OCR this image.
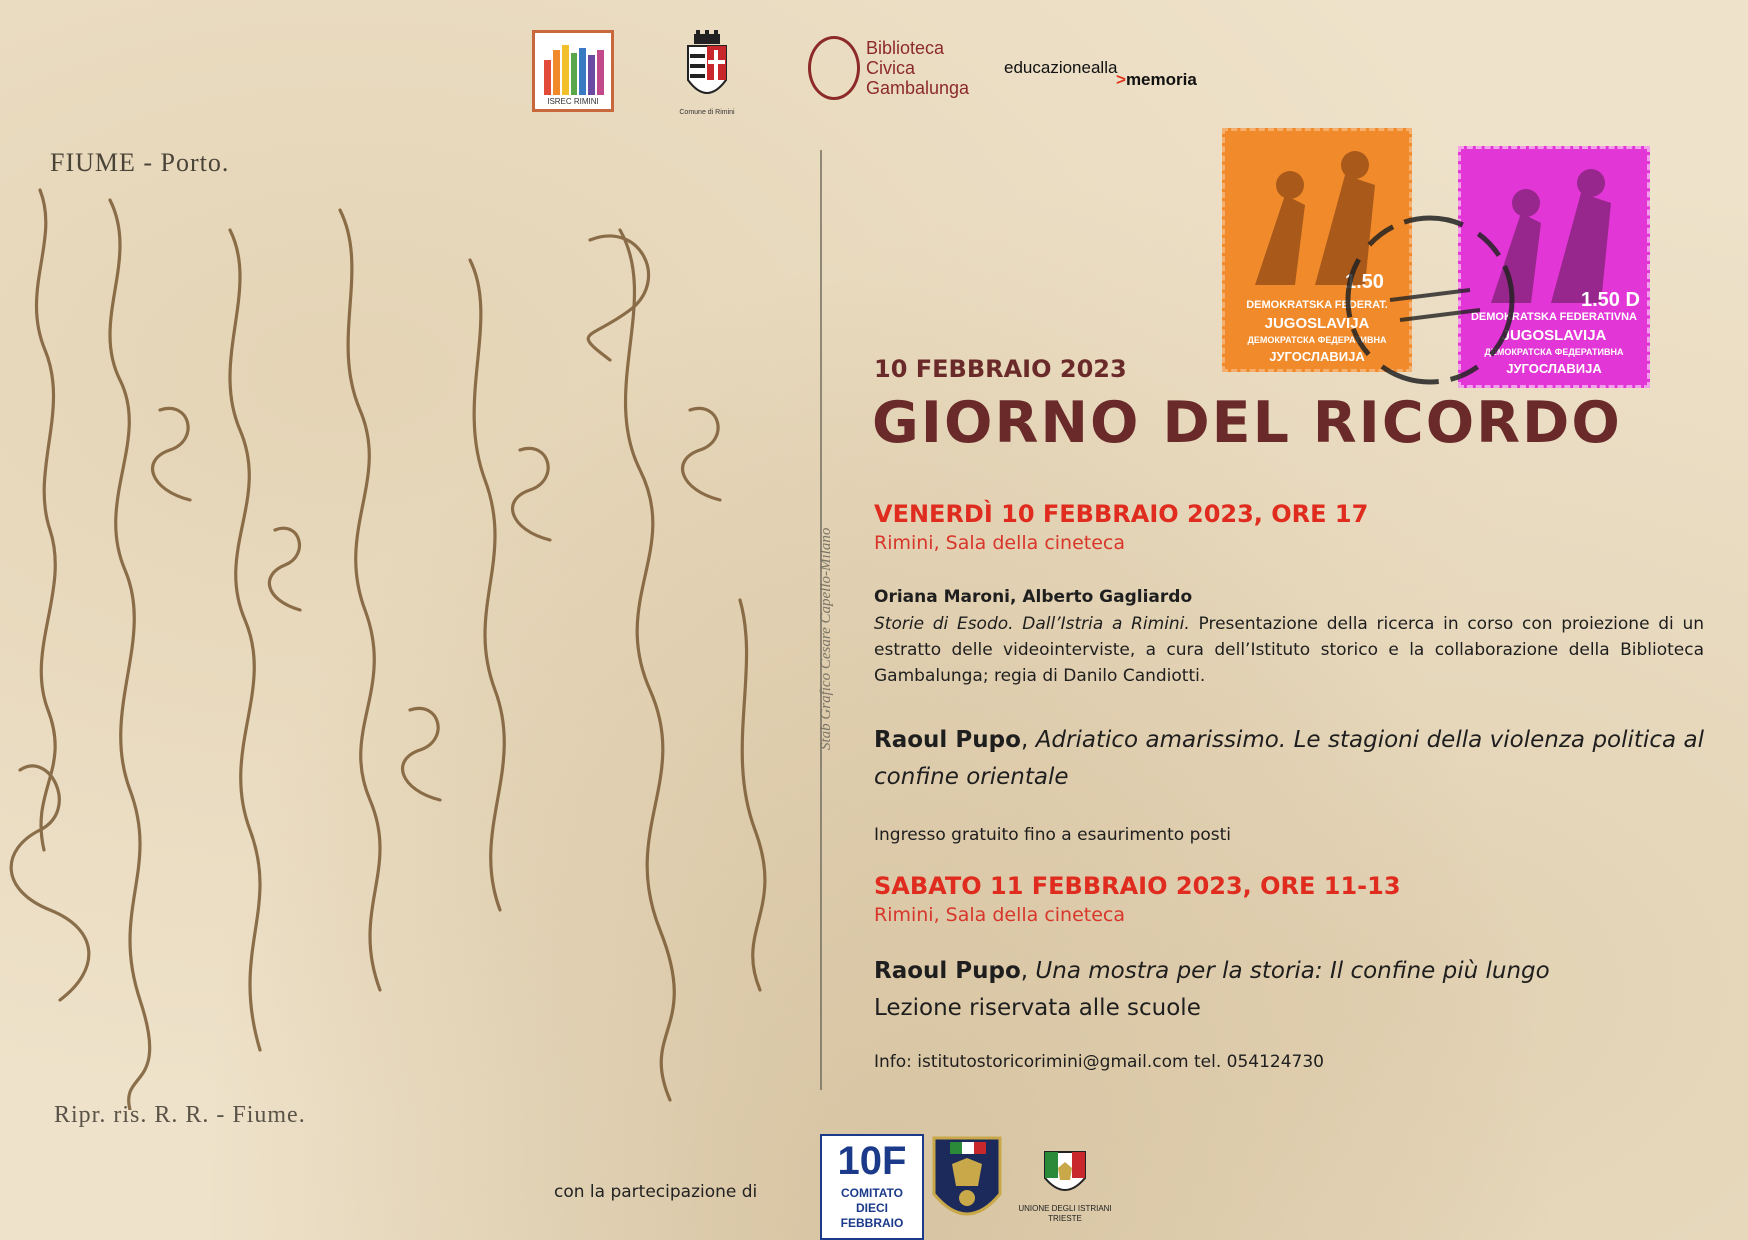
ISREC RIMINI
Comune di Rimini
Biblioteca
Civica
Gambalunga
educazionealla
>memoria
FIUME - Porto.
Stab Grafico Cesare Capello-Milano
Ripr. ris. R. R. - Fiume.
DEMOKRATSKA FEDERAT.
JUGOSLAVIJA
ДЕМОКРАТСКА ФЕДЕРАТИВНА
ЈУГОСЛАВИЈА
1.50
DEMOKRATSKA FEDERATIVNA
JUGOSLAVIJA
ДЕМОКРАТСКА ФЕДЕРАТИВНА
ЈУГОСЛАВИЈА
1.50 D
10 FEBBRAIO 2023
GIORNO DEL RICORDO
VENERDÌ 10 FEBBRAIO 2023, ORE 17
Rimini, Sala della cineteca
Oriana Maroni, Alberto Gagliardo
Storie di Esodo. Dall’Istria a Rimini. Presentazione della ricerca in corso con proiezione di un estratto delle videointerviste, a cura dell’Istituto storico e la collaborazione della Biblioteca Gambalunga; regia di Danilo Candiotti.
Raoul Pupo, Adriatico amarissimo. Le stagioni della violenza politica al confine orientale
Ingresso gratuito fino a esaurimento posti
SABATO 11 FEBBRAIO 2023, ORE 11-13
Rimini, Sala della cineteca
Raoul Pupo, Una mostra per la storia: Il confine più lungo
Lezione riservata alle scuole
Info: istitutostoricorimini@gmail.com tel. 054124730
con la partecipazione di
10F
COMITATO
DIECI
FEBBRAIO
UNIONE DEGLI ISTRIANI
TRIESTE
